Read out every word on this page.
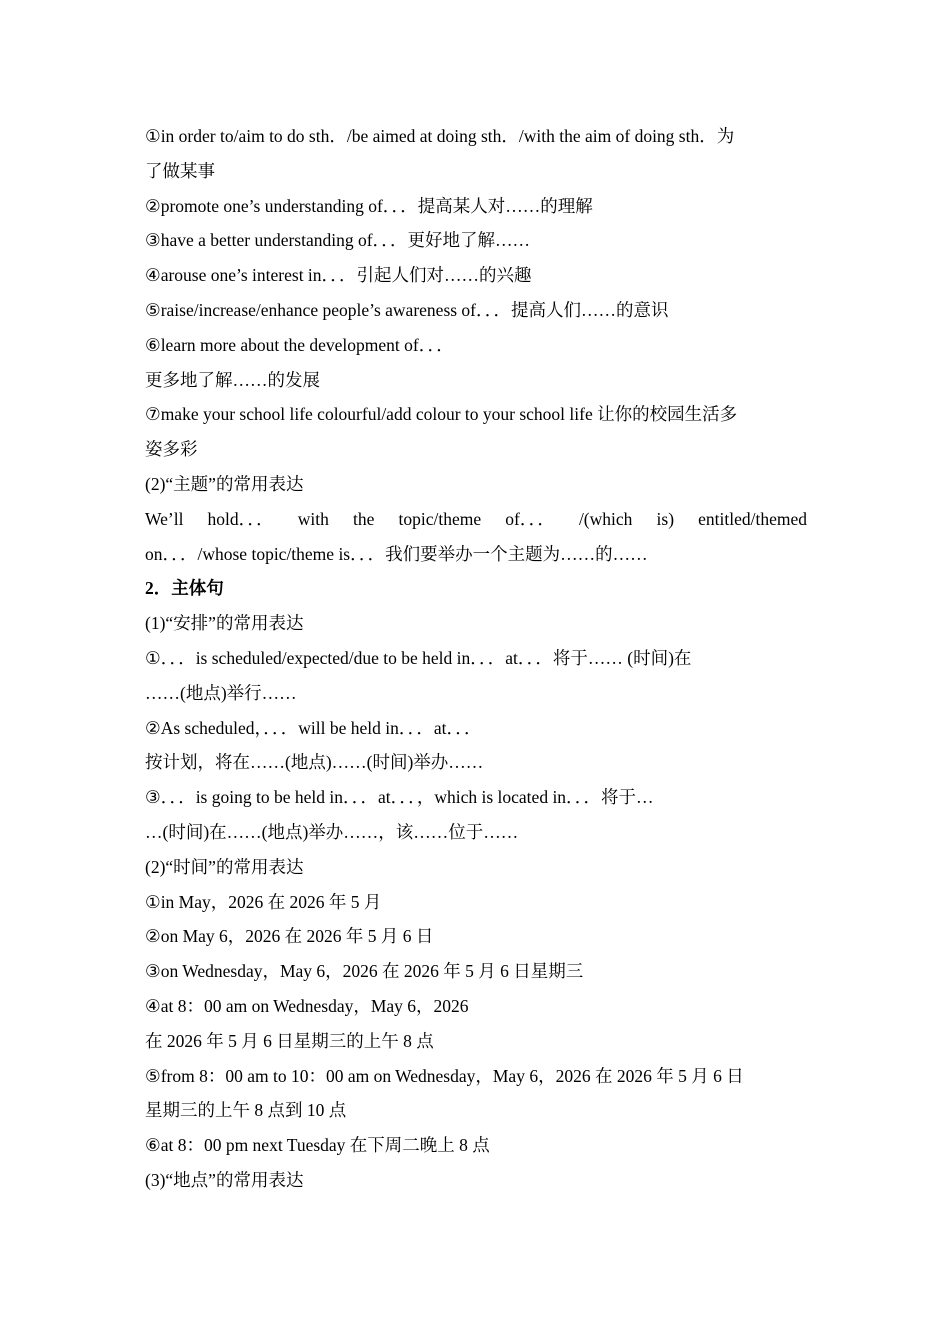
①in order to/aim to do sth．/be aimed at doing sth．/with the aim of doing sth．为
了做某事
②promote one’s understanding of．．．提高某人对……的理解
③have a better understanding of．．．更好地了解……
④arouse one’s interest in．．．引起人们对……的兴趣
⑤raise/increase/enhance people’s awareness of．．．提高人们……的意识
⑥learn more about the development of．．．
更多地了解……的发展
⑦make your school life colourful/add colour to your school life 让你的校园生活多
姿多彩
(2)“主题”的常用表达
We’ll hold．．． with the topic/theme of．．． /(which is) entitled/themed
on．．．/whose topic/theme is．．．我们要举办一个主题为……的……
2．主体句
(1)“安排”的常用表达
①．．．is scheduled/expected/due to be held in．．．at．．．将于…… (时间)在
……(地点)举行……
②As scheduled，．．．will be held in．．．at．．．
按计划，将在……(地点)……(时间)举办……
③．．．is going to be held in．．．at．．．，which is located in．．．将于…
…(时间)在……(地点)举办……，该……位于……
(2)“时间”的常用表达
①in May，2026 在 2026 年 5 月
②on May 6，2026 在 2026 年 5 月 6 日
③on Wednesday，May 6，2026 在 2026 年 5 月 6 日星期三
④at 8：00 am on Wednesday，May 6，2026
在 2026 年 5 月 6 日星期三的上午 8 点
⑤from 8：00 am to 10：00 am on Wednesday，May 6，2026 在 2026 年 5 月 6 日
星期三的上午 8 点到 10 点
⑥at 8：00 pm next Tuesday 在下周二晚上 8 点
(3)“地点”的常用表达
